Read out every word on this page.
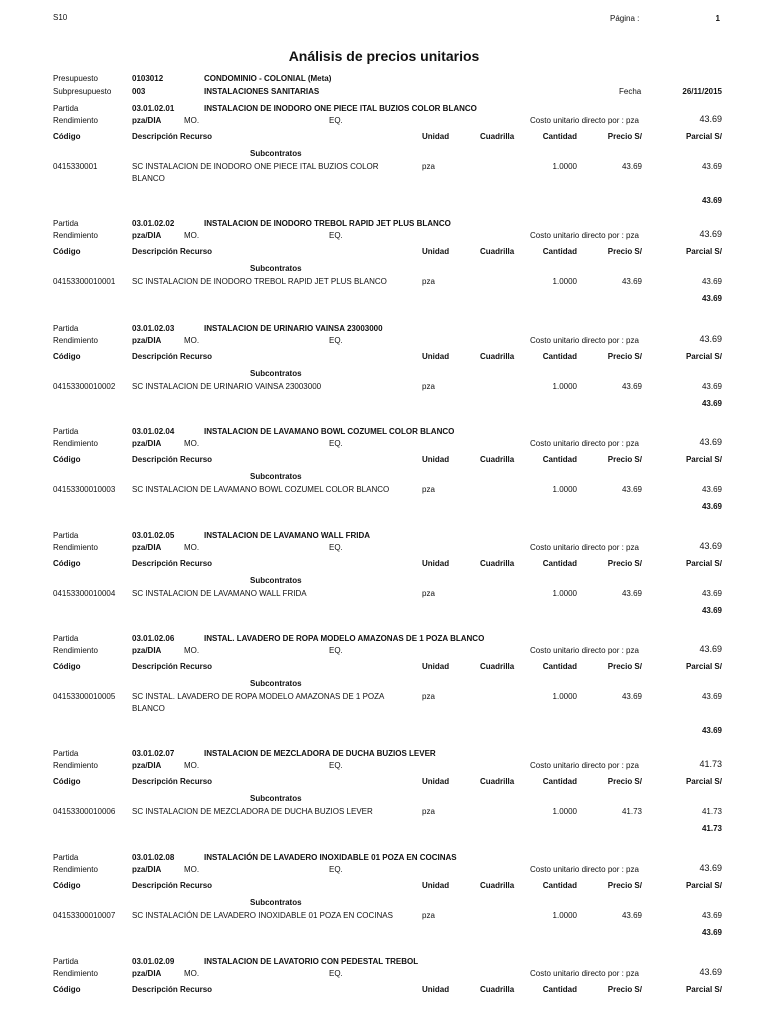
S10	Página :	1
Análisis de precios unitarios
Presupuesto	0103012	CONDOMINIO - COLONIAL (Meta)
Subpresupuesto	003	INSTALACIONES SANITARIAS	Fecha	26/11/2015
Partida	03.01.02.01	INSTALACION DE INODORO ONE PIECE ITAL BUZIOS COLOR BLANCO
Rendimiento	pza/DIA	MO.	EQ.	Costo unitario directo por : pza	43.69
Código	Descripción Recurso	Unidad	Cuadrilla	Cantidad	Precio S/	Parcial S/
Subcontratos
0415330001	SC INSTALACION DE INODORO ONE PIECE ITAL BUZIOS COLOR
BLANCO
pza	1.0000	43.69	43.69
43.69
Partida	03.01.02.02	INSTALACION DE INODORO TREBOL RAPID JET PLUS BLANCO
Rendimiento	pza/DIA	MO.	EQ.	Costo unitario directo por : pza	43.69
Código	Descripción Recurso	Unidad	Cuadrilla	Cantidad	Precio S/	Parcial S/
Subcontratos
04153300010001 SC INSTALACION DE INODORO TREBOL RAPID JET PLUS BLANCO	pza	1.0000	43.69	43.69
43.69
Partida	03.01.02.03	INSTALACION DE URINARIO VAINSA 23003000
Rendimiento	pza/DIA	MO.	EQ.	Costo unitario directo por : pza	43.69
Código	Descripción Recurso	Unidad	Cuadrilla	Cantidad	Precio S/	Parcial S/
Subcontratos
04153300010002 SC INSTALACION DE URINARIO VAINSA 23003000	pza	1.0000	43.69	43.69
43.69
Partida	03.01.02.04	INSTALACION DE LAVAMANO BOWL COZUMEL COLOR BLANCO
Rendimiento	pza/DIA	MO.	EQ.	Costo unitario directo por : pza	43.69
Código	Descripción Recurso	Unidad	Cuadrilla	Cantidad	Precio S/	Parcial S/
Subcontratos
04153300010003 SC INSTALACION DE LAVAMANO BOWL COZUMEL COLOR BLANCO	pza	1.0000	43.69	43.69
43.69
Partida	03.01.02.05	INSTALACION DE LAVAMANO WALL FRIDA
Rendimiento	pza/DIA	MO.	EQ.	Costo unitario directo por : pza	43.69
Código	Descripción Recurso	Unidad	Cuadrilla	Cantidad	Precio S/	Parcial S/
Subcontratos
04153300010004 SC INSTALACION DE LAVAMANO WALL FRIDA	pza	1.0000	43.69	43.69
43.69
Partida	03.01.02.06	INSTAL. LAVADERO DE ROPA MODELO AMAZONAS DE 1 POZA BLANCO
Rendimiento	pza/DIA	MO.	EQ.	Costo unitario directo por : pza	43.69
Código	Descripción Recurso	Unidad	Cuadrilla	Cantidad	Precio S/	Parcial S/
Subcontratos
04153300010005 SC INSTAL. LAVADERO DE ROPA MODELO AMAZONAS DE 1 POZA
BLANCO
pza	1.0000	43.69	43.69
43.69
Partida	03.01.02.07	INSTALACION DE MEZCLADORA DE DUCHA BUZIOS LEVER
Rendimiento	pza/DIA	MO.	EQ.	Costo unitario directo por : pza	41.73
Código	Descripción Recurso	Unidad	Cuadrilla	Cantidad	Precio S/	Parcial S/
Subcontratos
04153300010006 SC INSTALACION DE MEZCLADORA DE DUCHA BUZIOS LEVER	pza	1.0000	41.73	41.73
41.73
Partida	03.01.02.08	INSTALACIÓN DE LAVADERO INOXIDABLE 01 POZA EN COCINAS
Rendimiento	pza/DIA	MO.	EQ.	Costo unitario directo por : pza	43.69
Código	Descripción Recurso	Unidad	Cuadrilla	Cantidad	Precio S/	Parcial S/
Subcontratos
04153300010007 SC INSTALACIÓN DE LAVADERO INOXIDABLE 01 POZA EN COCINAS	pza	1.0000	43.69	43.69
43.69
Partida	03.01.02.09	INSTALACION DE LAVATORIO CON PEDESTAL TREBOL
Rendimiento	pza/DIA	MO.	EQ.	Costo unitario directo por : pza	43.69
Código	Descripción Recurso	Unidad	Cuadrilla	Cantidad	Precio S/	Parcial S/
